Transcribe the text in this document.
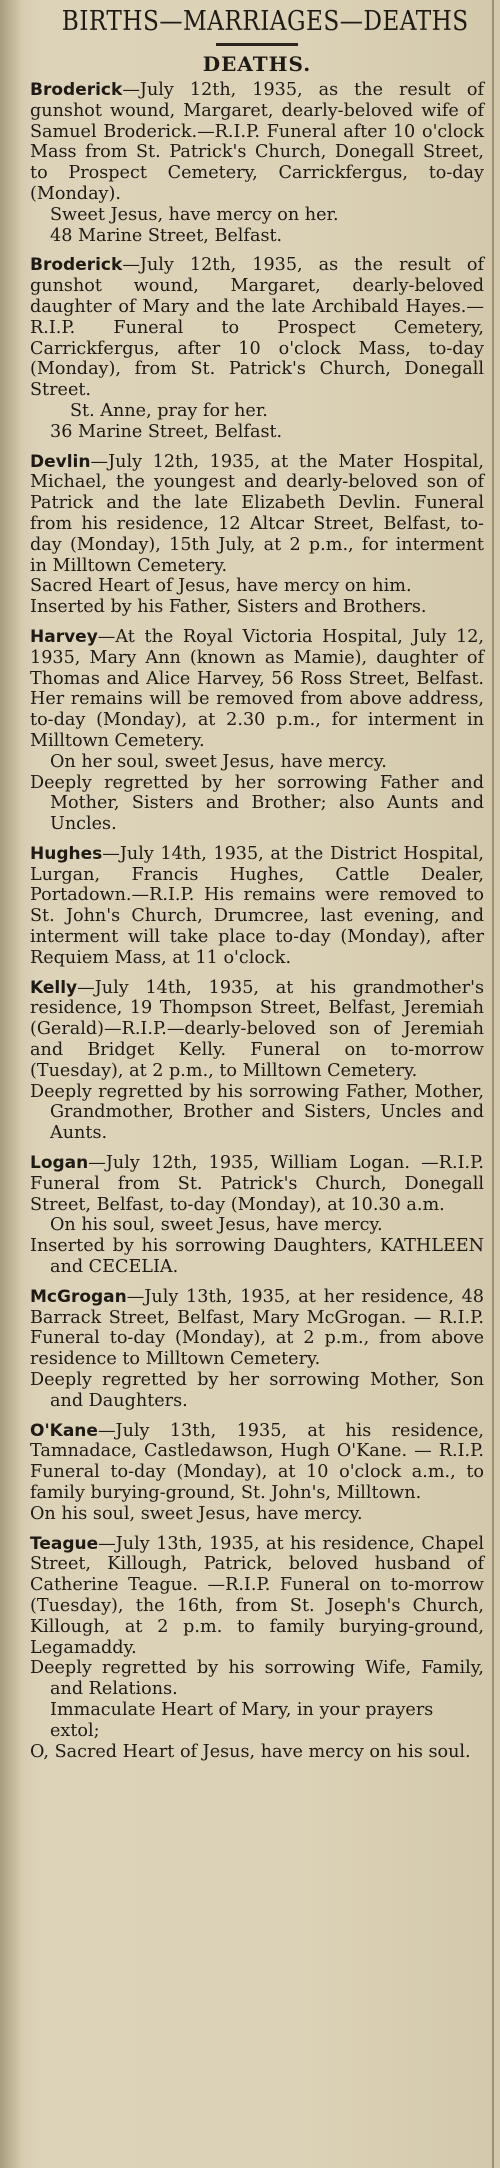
BIRTHS—MARRIAGES—DEATHS
DEATHS.

Broderick—July 12th, 1935, as the result of gunshot wound, Margaret, dearly-beloved wife of Samuel Broderick.—R.I.P. Funeral after 10 o'clock Mass from St. Patrick's Church, Donegall Street, to Prospect Cemetery, Carrickfergus, to-day (Monday).

Sweet Jesus, have mercy on her.

48 Marine Street, Belfast.

Broderick—July 12th, 1935, as the result of gunshot wound, Margaret, dearly-beloved daughter of Mary and the late Archibald Hayes.—R.I.P. Funeral to Prospect Cemetery, Carrickfergus, after 10 o'clock Mass, to-day (Monday), from St. Patrick's Church, Donegall Street.

St. Anne, pray for her.

36 Marine Street, Belfast.

Devlin—July 12th, 1935, at the Mater Hospital, Michael, the youngest and dearly-beloved son of Patrick and the late Elizabeth Devlin. Funeral from his residence, 12 Altcar Street, Belfast, to-day (Monday), 15th July, at 2 p.m., for interment in Milltown Cemetery.

Sacred Heart of Jesus, have mercy on him.

Inserted by his Father, Sisters and Brothers.

Harvey—At the Royal Victoria Hospital, July 12, 1935, Mary Ann (known as Mamie), daughter of Thomas and Alice Harvey, 56 Ross Street, Belfast. Her remains will be removed from above address, to-day (Monday), at 2.30 p.m., for interment in Milltown Cemetery.

On her soul, sweet Jesus, have mercy.

Deeply regretted by her sorrowing Father and Mother, Sisters and Brother; also Aunts and Uncles.

Hughes—July 14th, 1935, at the District Hospital, Lurgan, Francis Hughes, Cattle Dealer, Portadown.—R.I.P. His remains were removed to St. John's Church, Drumcree, last evening, and interment will take place to-day (Monday), after Requiem Mass, at 11 o'clock.

Kelly—July 14th, 1935, at his grandmother's residence, 19 Thompson Street, Belfast, Jeremiah (Gerald)—R.I.P.—dearly-beloved son of Jeremiah and Bridget Kelly. Funeral on to-morrow (Tuesday), at 2 p.m., to Milltown Cemetery.

Deeply regretted by his sorrowing Father, Mother, Grandmother, Brother and Sisters, Uncles and Aunts.

Logan—July 12th, 1935, William Logan. —R.I.P. Funeral from St. Patrick's Church, Donegall Street, Belfast, to-day (Monday), at 10.30 a.m.

On his soul, sweet Jesus, have mercy.

Inserted by his sorrowing Daughters, KATHLEEN and CECELIA.

McGrogan—July 13th, 1935, at her residence, 48 Barrack Street, Belfast, Mary McGrogan. — R.I.P. Funeral to-day (Monday), at 2 p.m., from above residence to Milltown Cemetery.

Deeply regretted by her sorrowing Mother, Son and Daughters.

O'Kane—July 13th, 1935, at his residence, Tamnadace, Castledawson, Hugh O'Kane. — R.I.P. Funeral to-day (Monday), at 10 o'clock a.m., to family burying-ground, St. John's, Milltown.

On his soul, sweet Jesus, have mercy.

Teague—July 13th, 1935, at his residence, Chapel Street, Killough, Patrick, beloved husband of Catherine Teague. —R.I.P. Funeral on to-morrow (Tuesday), the 16th, from St. Joseph's Church, Killough, at 2 p.m. to family burying-ground, Legamaddy.

Deeply regretted by his sorrowing Wife, Family, and Relations.

Immaculate Heart of Mary, in your prayers extol;

O, Sacred Heart of Jesus, have mercy on his soul.
